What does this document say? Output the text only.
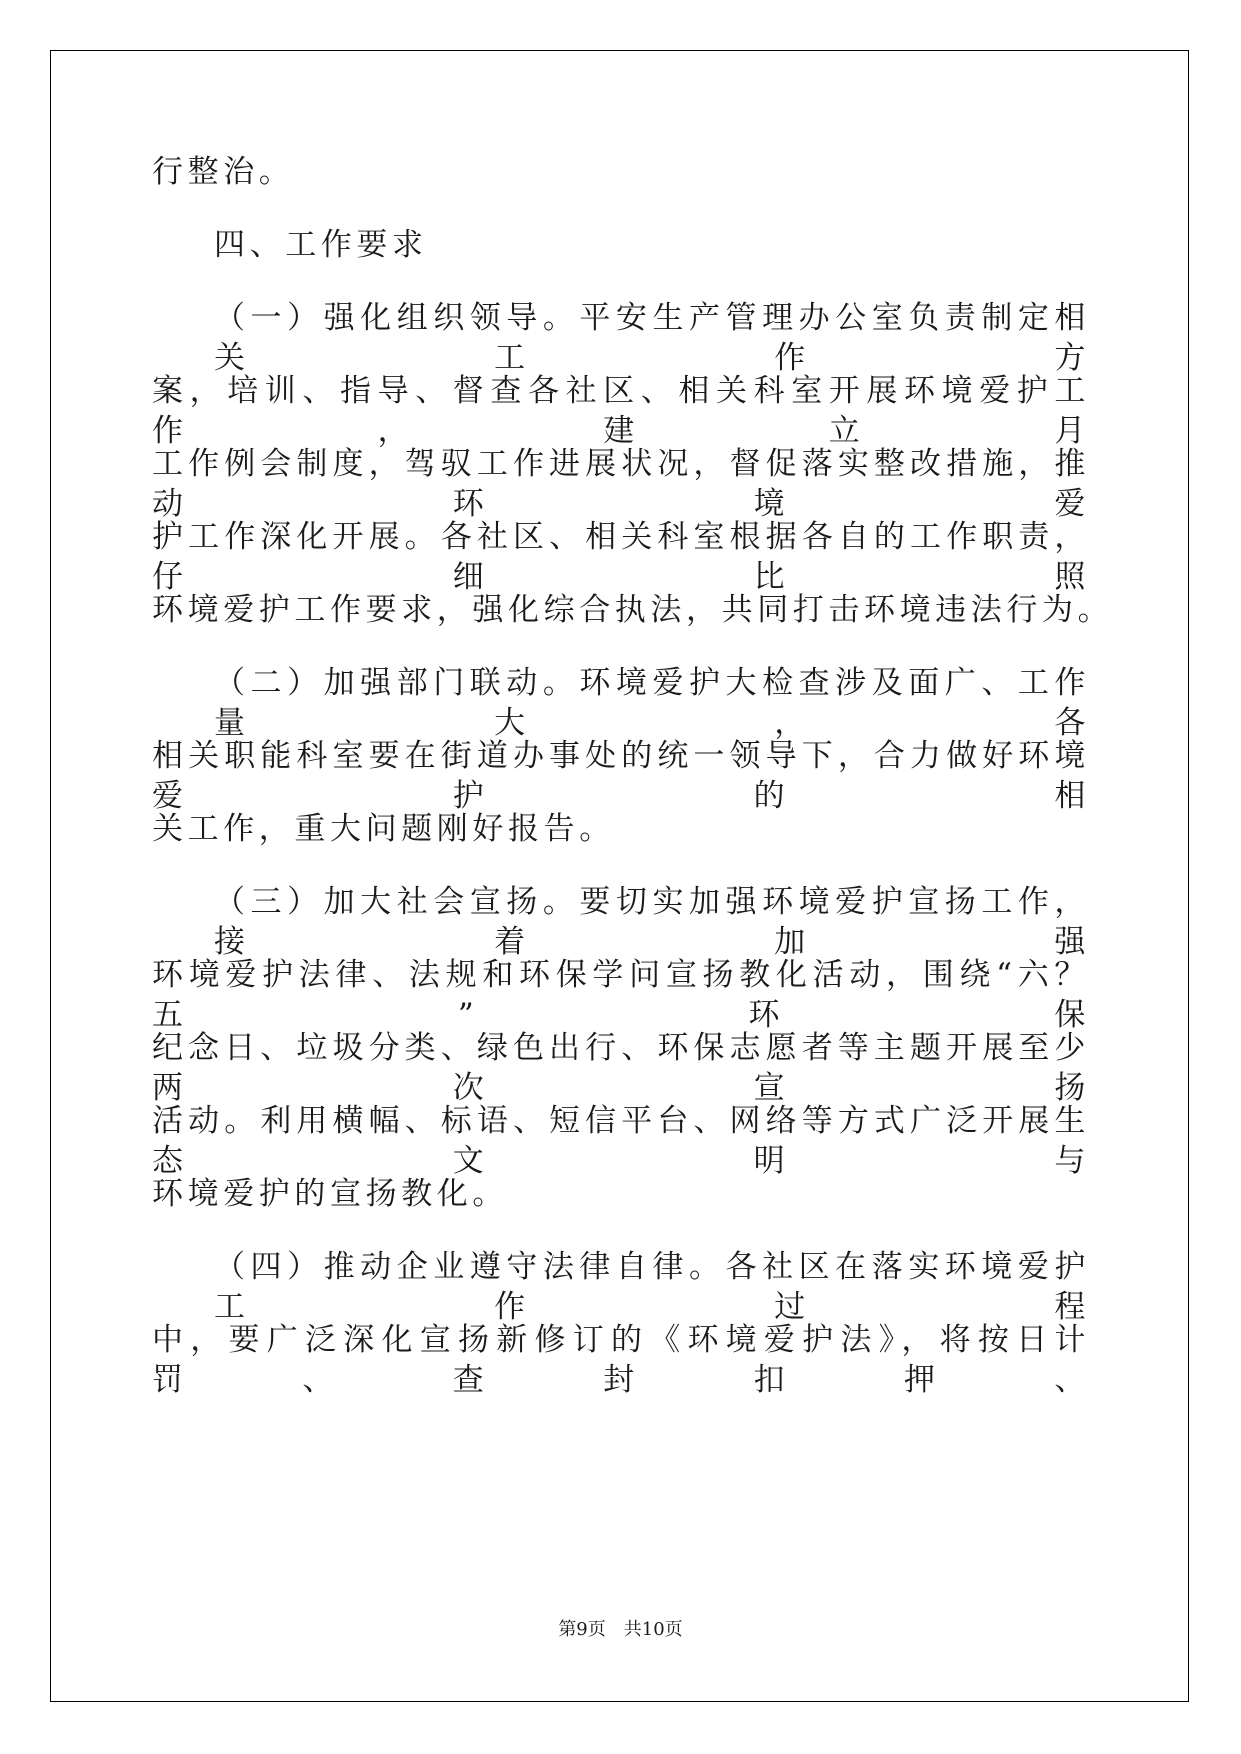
行整治。
四、工作要求
（一）强化组织领导。平安生产管理办公室负责制定相关工作方
案，培训、指导、督查各社区、相关科室开展环境爱护工作，建立月
工作例会制度，驾驭工作进展状况，督促落实整改措施，推动环境爱
护工作深化开展。各社区、相关科室根据各自的工作职责，仔细比照
环境爱护工作要求，强化综合执法，共同打击环境违法行为。
（二）加强部门联动。环境爱护大检查涉及面广、工作量大，各
相关职能科室要在街道办事处的统一领导下，合力做好环境爱护的相
关工作，重大问题刚好报告。
（三）加大社会宣扬。要切实加强环境爱护宣扬工作，接着加强
环境爱护法律、法规和环保学问宣扬教化活动，围绕“六？五”环保
纪念日、垃圾分类、绿色出行、环保志愿者等主题开展至少两次宣扬
活动。利用横幅、标语、短信平台、网络等方式广泛开展生态文明与
环境爱护的宣扬教化。
（四）推动企业遵守法律自律。各社区在落实环境爱护工作过程
中，要广泛深化宣扬新修订的《环境爱护法》，将按日计罚、查封扣押、
第9页 共10页
